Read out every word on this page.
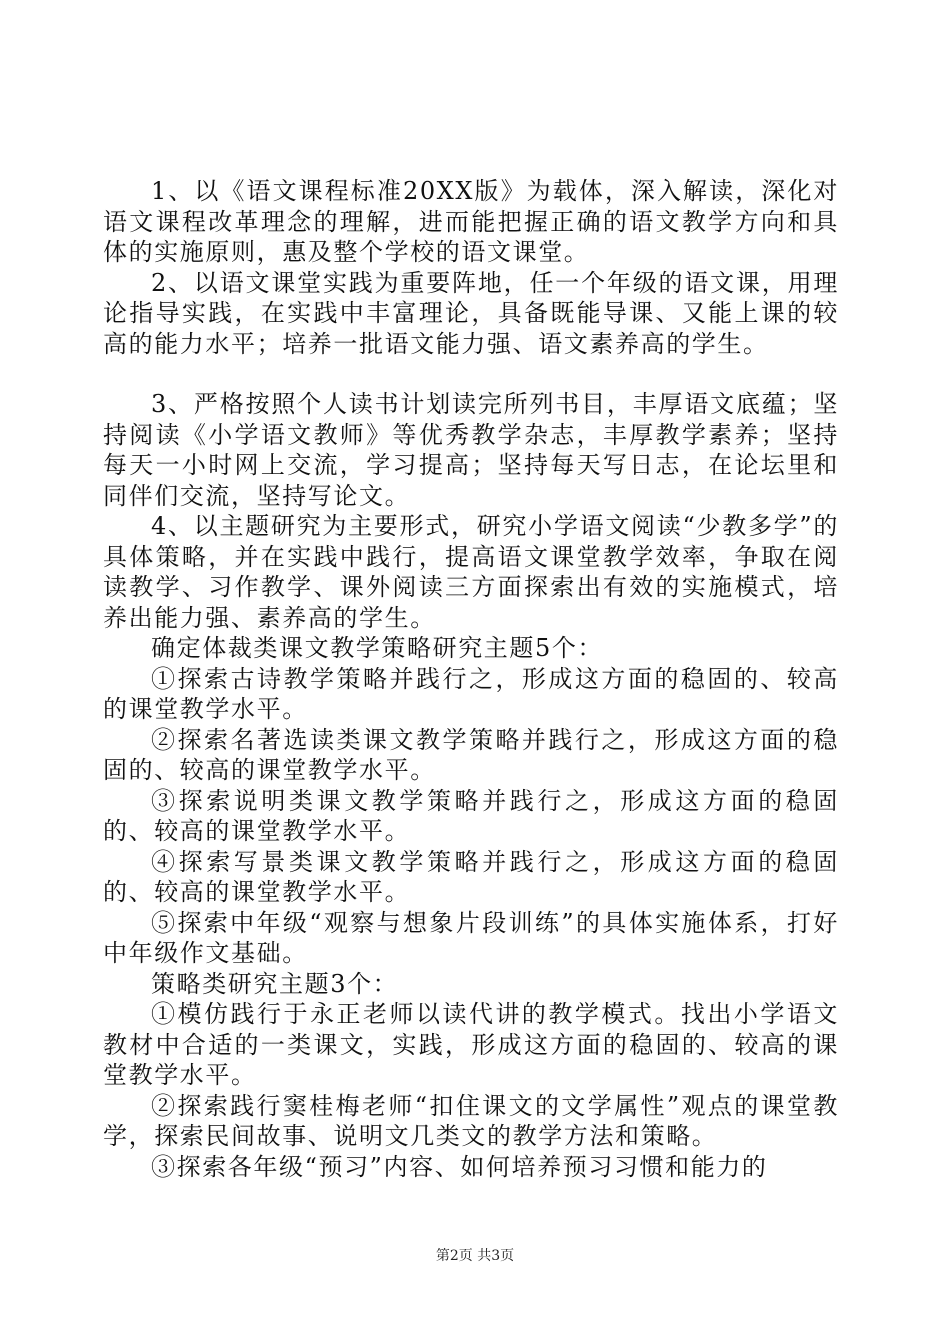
1、以《语文课程标准20XX版》为载体，深入解读，深化对语文课程改革理念的理解，进而能把握正确的语文教学方向和具体的实施原则，惠及整个学校的语文课堂。

2、以语文课堂实践为重要阵地，任一个年级的语文课，用理论指导实践，在实践中丰富理论，具备既能导课、又能上课的较高的能力水平；培养一批语文能力强、语文素养高的学生。

3、严格按照个人读书计划读完所列书目，丰厚语文底蕴；坚持阅读《小学语文教师》等优秀教学杂志，丰厚教学素养；坚持每天一小时网上交流，学习提高；坚持每天写日志，在论坛里和同伴们交流，坚持写论文。

4、以主题研究为主要形式，研究小学语文阅读“少教多学”的具体策略，并在实践中践行，提高语文课堂教学效率，争取在阅读教学、习作教学、课外阅读三方面探索出有效的实施模式，培养出能力强、素养高的学生。

确定体裁类课文教学策略研究主题5个：

①探索古诗教学策略并践行之，形成这方面的稳固的、较高的课堂教学水平。

②探索名著选读类课文教学策略并践行之，形成这方面的稳固的、较高的课堂教学水平。

③探索说明类课文教学策略并践行之，形成这方面的稳固的、较高的课堂教学水平。

④探索写景类课文教学策略并践行之，形成这方面的稳固的、较高的课堂教学水平。

⑤探索中年级“观察与想象片段训练”的具体实施体系，打好中年级作文基础。

策略类研究主题3个：

①模仿践行于永正老师以读代讲的教学模式。找出小学语文教材中合适的一类课文，实践，形成这方面的稳固的、较高的课堂教学水平。

②探索践行窦桂梅老师“扣住课文的文学属性”观点的课堂教学，探索民间故事、说明文几类文的教学方法和策略。

③探索各年级“预习”内容、如何培养预习习惯和能力的

第2页 共3页
